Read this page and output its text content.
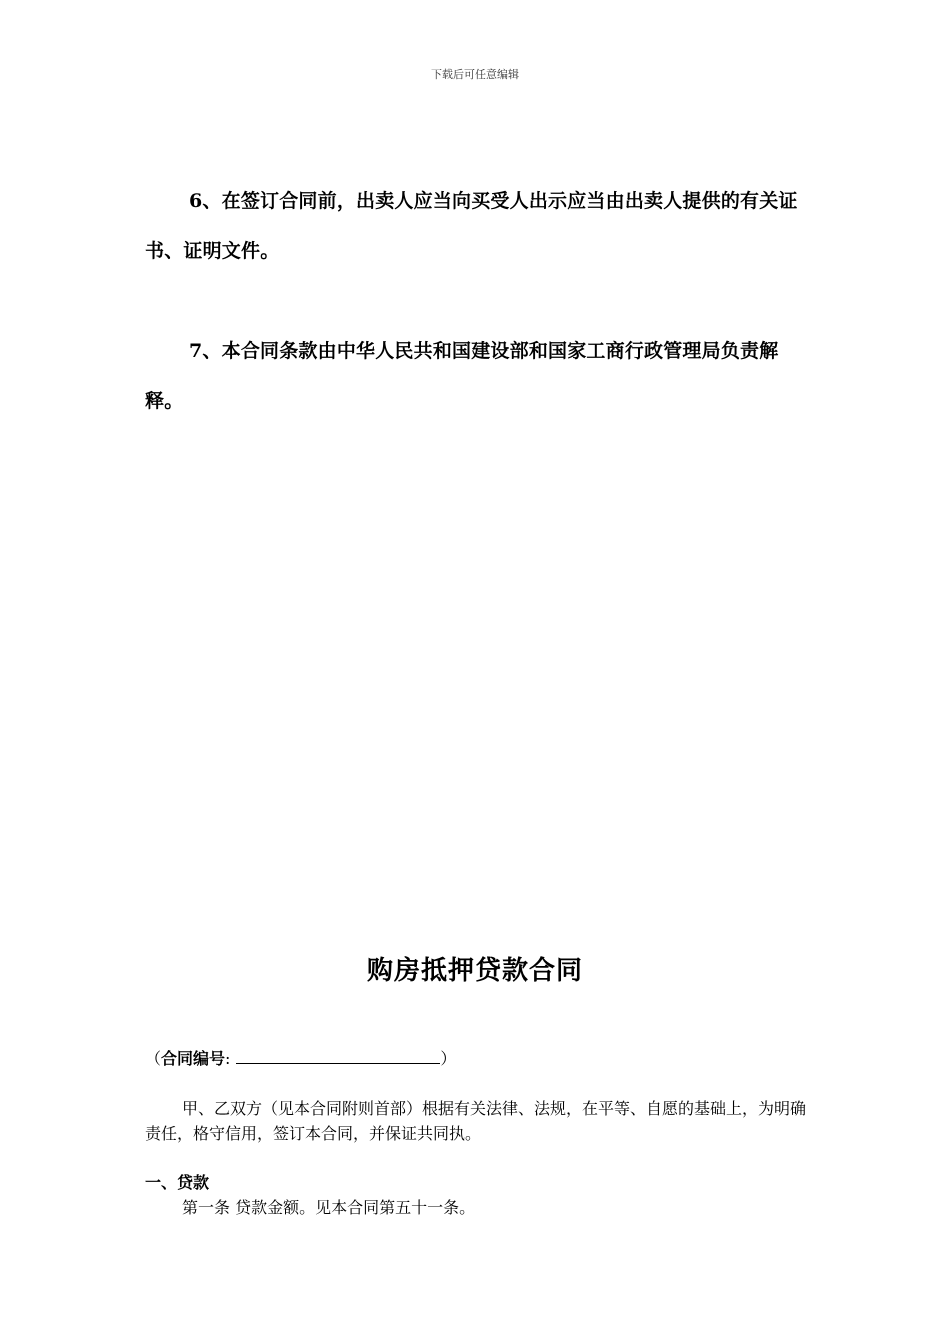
下载后可任意编辑

6、在签订合同前，出卖人应当向买受人出示应当由出卖人提供的有关证书、证明文件。

7、本合同条款由中华人民共和国建设部和国家工商行政管理局负责解释。

购房抵押贷款合同
（合同编号:	）

甲、乙双方（见本合同附则首部）根据有关法律、法规，在平等、自愿的基础上，为明确责任，格守信用，签订本合同，并保证共同执。

一、贷款
第一条 贷款金额。见本合同第五十一条。
